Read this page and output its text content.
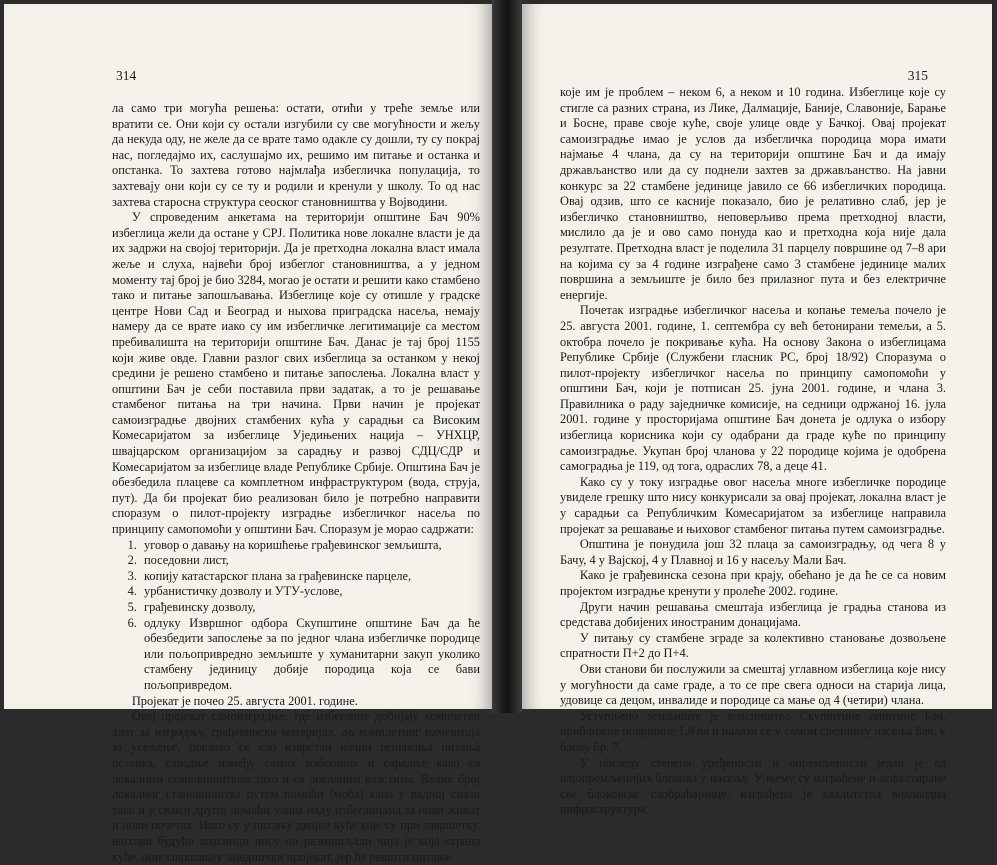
314

ла само три могућа решења: остати, отићи у треће земље или вратити се. Они који су остали изгубили су све могућности и жељу да некуда оду, не желе да се врате тамо одакле су дошли, ту су покрај нас, погледајмо их, саслушајмо их, решимо им питање и останка и опстанка. То захтева готово најмлађа избегличка популација, то захтевају они који су се ту и родили и кренули у школу. То од нас захтева старосна структура сеоског становништва у Војводини.

У спроведеним анкетама на територији општине Бач 90% избеглица жели да остане у СРЈ. Политика нове локалне власти је да их задржи на својој територији. Да је претходна локална власт имала жеље и слуха, највећи број избеглог становништва, а у једном моменту тај број је био 3284, могао је остати и решити како стамбено тако и питање запошљавања. Избеглице које су отишле у градске центре Нови Сад и Београд и ныхова приградска насеља, немају намеру да се врате иако су им избегличке легитимације са местом пребивалишта на територији општине Бач. Данас је тај број 1155 који живе овде. Главни разлог свих избеглица за останком у некој средини је решено стамбено и питање запослења. Локална власт у општини Бач је себи поставила први задатак, а то је решавање стамбеног питања на три начина. Први начин је пројекат самоизградње двојних стамбених кућа у сарадњи са Високим Комесаријатом за избеглице Уједињених нација – УНХЦР, швајцарском организацијом за сарадњу и развој СДЦ/СДР и Комесаријатом за избеглице владе Републике Србије. Општина Бач је обезбедила плацеве са комплетном инфраструктуром (вода, струја, пут). Да би пројекат био реализован било је потребно направити споразум о пилот-пројекту изградње избегличког насеља по принципу самопомоћи у општини Бач. Споразум је морао садржати:

1. уговор о давању на коришћење грађевинског земљишта,
2. поседовни лист,
3. копију катастарског плана за грађевинске парцеле,
4. урбанистичку дозволу и УТУ-услове,
5. грађевинску дозволу,
6. одлуку Извршног одбора Скупштине општине Бач да ће обезбедити запослење за по једног члана избегличке породице или пољопривредно земљиште у хуманитарни закуп уколико стамбену јединицу добије породица која се бави пољопривредом.

Пројекат је почео 25. августа 2001. године.

Овај пројекат самоизградње, где избеглице добијају комплетан алат за изградњу, грађевински материјал, до комплетног намештаја за усељење, показао се као изврстан начин решавања питања останка, сарадње између самих избеглица и сарадње како са локалним становништвом тако и са локалним властима. Велик број локалног становништва путем помоћи (моба) како у радној снази тако и у свакој другој помоћи улива наду избеглицама за нови живот и нови почетак. Иако су у питању двојне куће које су при завршетку, њихови будући власници нису ни размишљали чија је која страна куће, они завршавају заједнички пројекат, јер ће решити питање

315

које им је проблем – неком 6, а неком и 10 година. Избеглице које су стигле са разних страна, из Лике, Далмације, Баније, Славоније, Барање и Босне, праве своје куће, своје улице овде у Бачкој. Овај пројекат самоизградње имао је услов да избегличка породица мора имати најмање 4 члана, да су на територији општине Бач и да имају држављанство или да су поднели захтев за држављанство. На јавни конкурс за 22 стамбене јединице јавило се 66 избегличких породица. Овај одзив, што се касније показало, био је релативно слаб, јер је избегличко становништво, неповерљиво према претходној власти, мислило да је и ово само понуда као и претходна која није дала резултате. Претходна власт је поделила 31 парцелу површине од 7–8 ари на којима су за 4 године изграђене само 3 стамбене јединице малих површина а земљиште је било без прилазног пута и без електричне енергије.

Почетак изградње избегличког насеља и копање темеља почело је 25. августа 2001. године, 1. септембра су већ бетонирани темељи, а 5. октобра почело је покривање кућа. На основу Закона о избеглицама Републике Србије (Службени гласник РС, број 18/92) Споразума о пилот-пројекту избегличког насеља по принципу самопомоћи у општини Бач, који је потписан 25. јуна 2001. године, и члана 3. Правилника о раду заједничке комисије, на седници одржаној 16. јула 2001. године у просторијама општине Бач донета је одлука о избору избеглица корисника који су одабрани да граде куће по принципу самоизградње. Укупан број чланова у 22 породице којима је одобрена самоградња је 119, од тога, одраслих 78, а деце 41.

Како су у току изградње овог насеља многе избегличке породице увиделе грешку што нису конкурисали за овај пројекат, локална власт је у сарадњи са Републичким Комесаријатом за избеглице направила пројекат за решавање и њиховог стамбеног питања путем самоизградње.

Општина је понудила још 32 плаца за самоизградњу, од чега 8 у Бачу, 4 у Вајској, 4 у Плавној и 16 у насељу Мали Бач.

Како је грађевинска сезона при крају, обећано је да ће се са новим пројектом изградње кренути у пролеће 2002. године.

Други начин решавања смештаја избеглица је градња станова из средстава добијених иностраним донацијама.

У питању су стамбене зграде за колективно становање дозвољене спратности П+2 до П+4.

Ови станови би послужили за смештај углавном избеглица које нису у могућности да саме граде, а то се пре свега односи на старија лица, удовице са децом, инвалиде и породице са мање од 4 (четири) члана.

Уступљено земљиште је власништво Скупштине општине Бач, приближне површине 1,8 ha и налази се у самом средишту насеља Бач, у блоку бр. 7.

У погледу степена уређености и опремљености један је од најопремљенијих блокова у насељу. У њему су изграђене и асфалтиране све блоковске саобраћајнице, изграђена је квалитетна водоводна инфраструктура,
